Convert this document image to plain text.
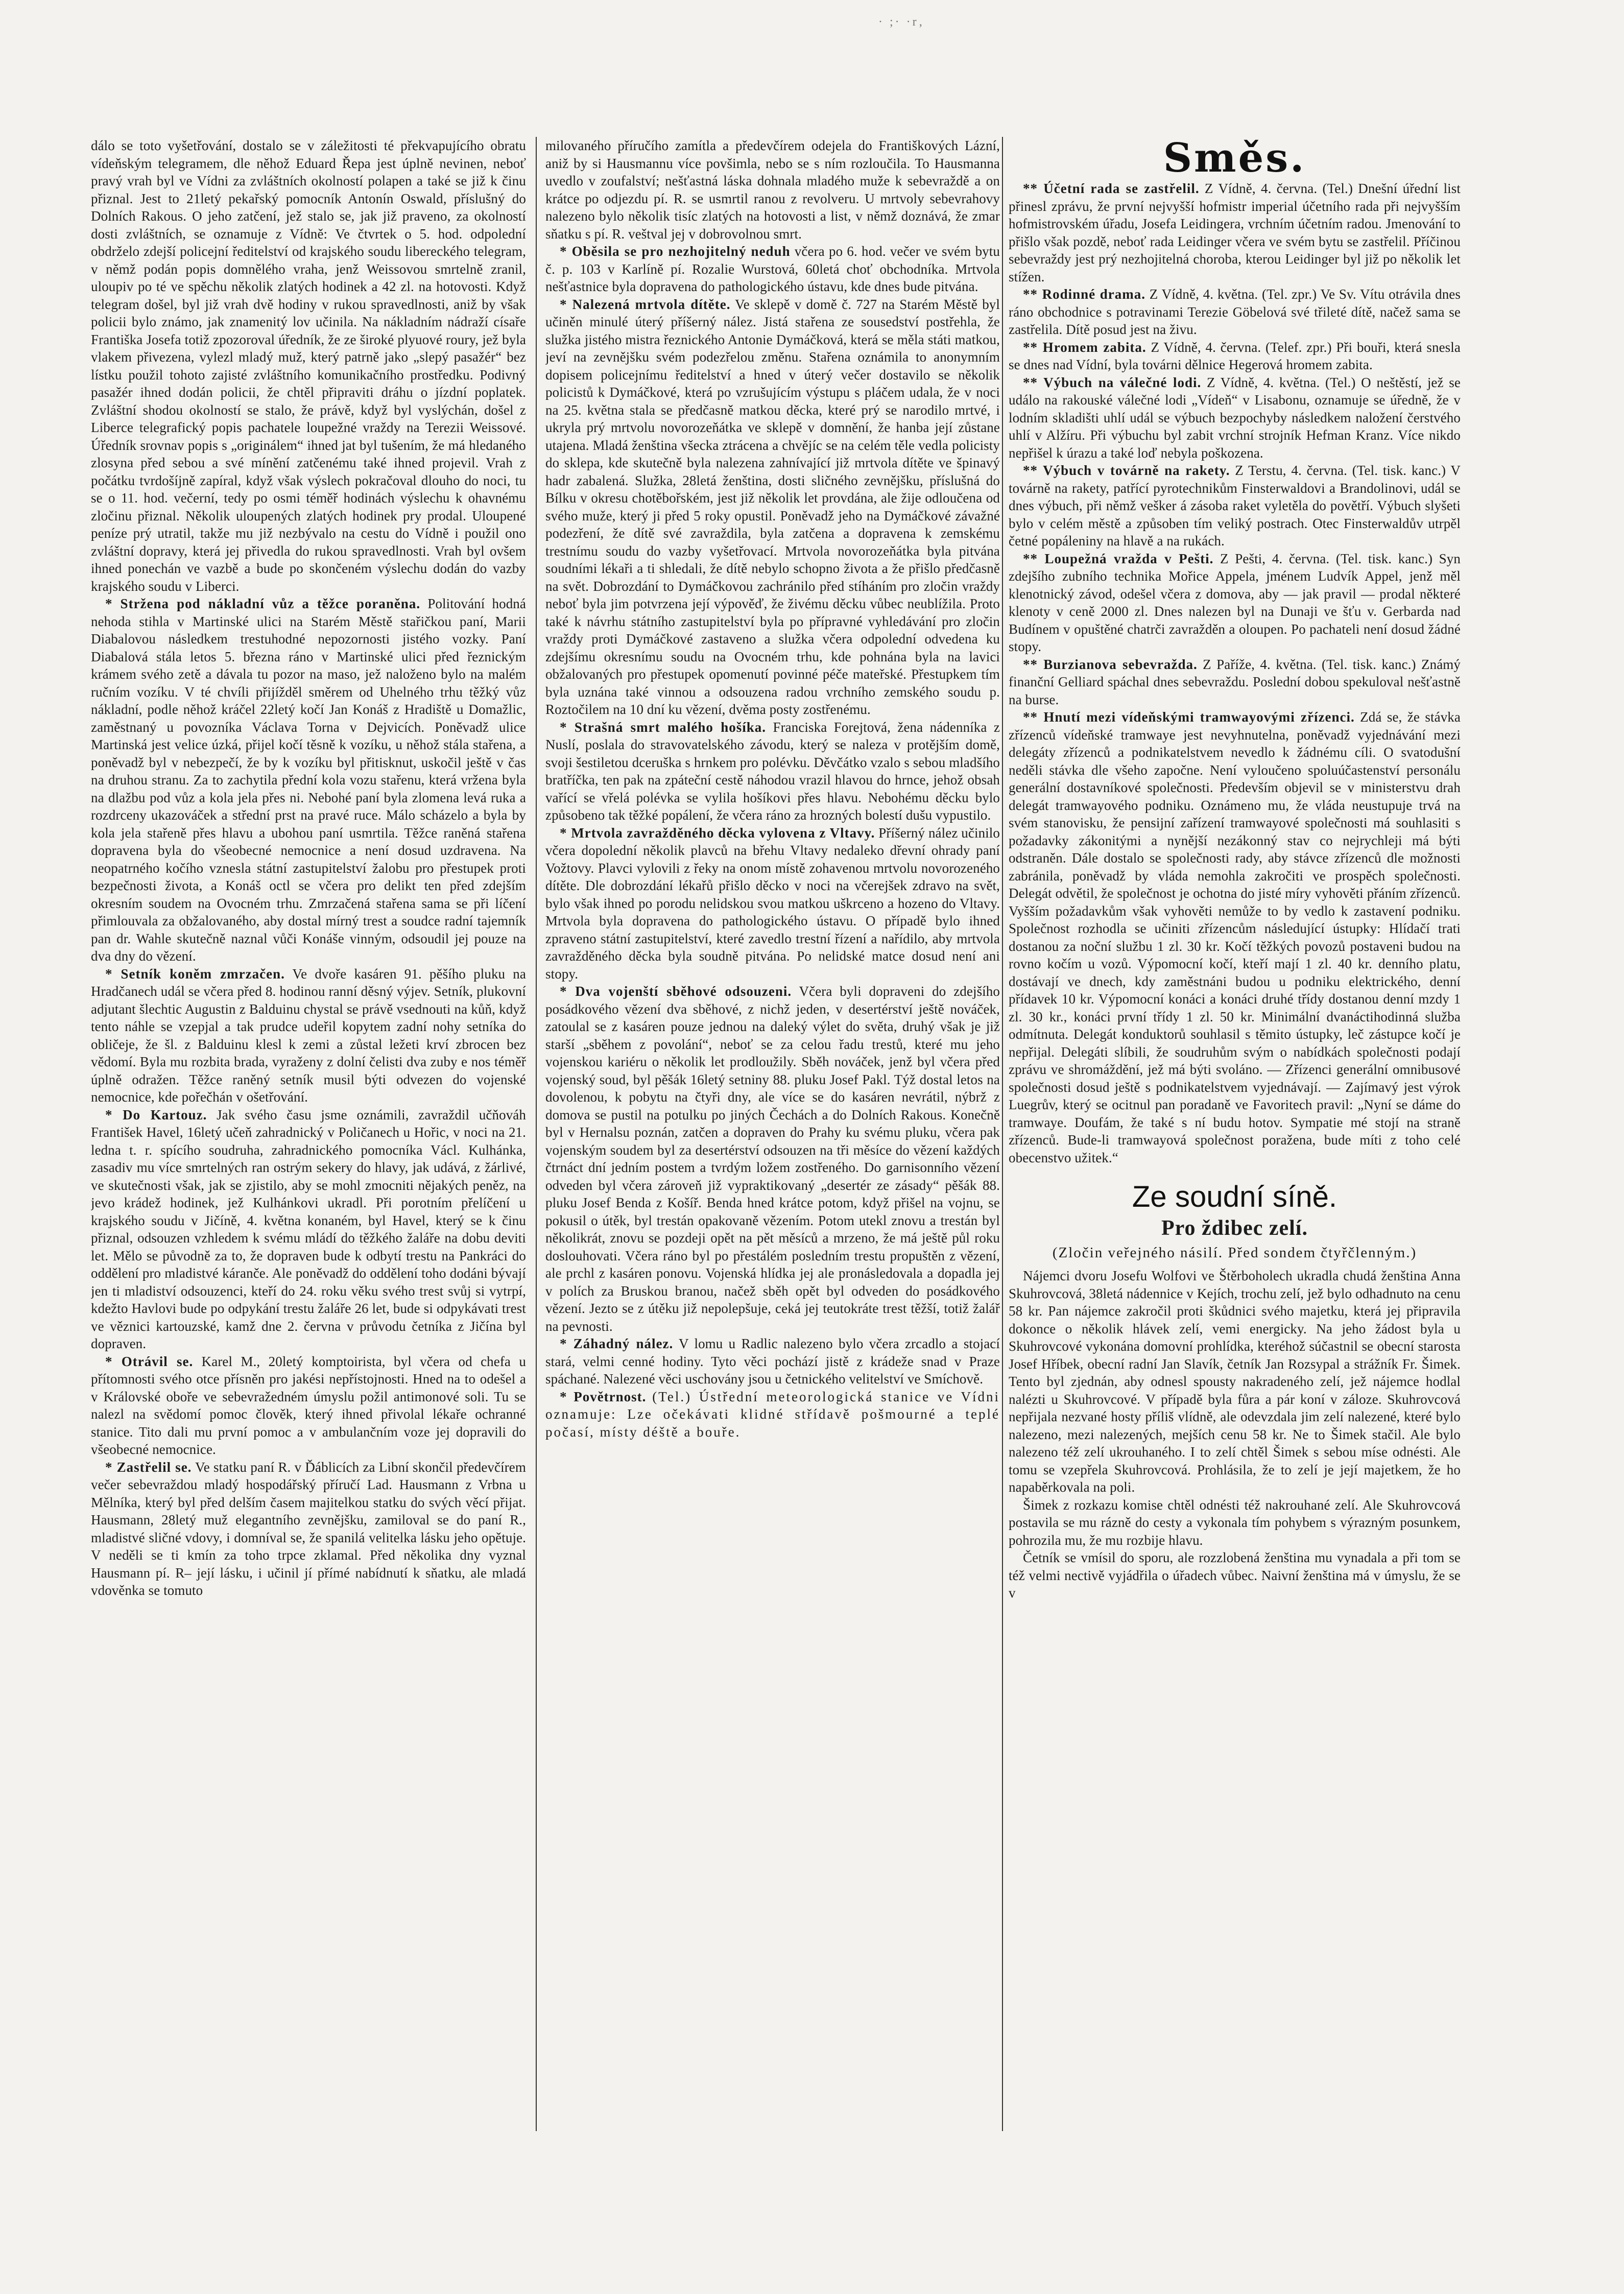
· ;· ·r‚

dálo se toto vyšetřování, dostalo se v záležitosti té překvapujícího obratu vídeňským telegramem, dle něhož Eduard Řepa jest úplně nevinen, neboť pravý vrah byl ve Vídni za zvláštních okolností polapen a také se již k činu přiznal. Jest to 21letý pekařský pomocník Antonín Oswald, příslušný do Dolních Rakous. O jeho zatčení, jež stalo se, jak již praveno, za okolností dosti zvláštních, se oznamuje z Vídně: Ve čtvrtek o 5. hod. odpolední obdrželo zdejší policejní ředitelství od krajského soudu libereckého telegram, v němž podán popis domnělého vraha, jenž Weissovou smrtelně zranil, uloupiv po té ve spěchu několik zlatých hodinek a 42 zl. na hotovosti. Když telegram došel, byl již vrah dvě hodiny v rukou spravedlnosti, aniž by však policii bylo známo, jak znamenitý lov učinila. Na nákladním nádraží císaře Františka Josefa totiž zpozoroval úředník, že ze široké plyuové roury, jež byla vlakem přivezena, vylezl mladý muž, který patrně jako „slepý pasažér“ bez lístku použil tohoto zajisté zvláštního komunikačního prostředku. Podivný pasažér ihned dodán policii, že chtěl připraviti dráhu o jízdní poplatek. Zvláštní shodou okolností se stalo, že právě, když byl vyslýchán, došel z Liberce telegrafický popis pachatele loupežné vraždy na Terezii Weissové. Úředník srovnav popis s „originálem“ ihned jat byl tušením, že má hledaného zlosyna před sebou a své mínění zatčenému také ihned projevil. Vrah z počátku tvrdošíjně zapíral, když však výslech pokračoval dlouho do noci, tu se o 11. hod. večerní, tedy po osmi téměř hodinách výslechu k ohavnému zločinu přiznal. Několik uloupených zlatých hodinek pry prodal. Uloupené peníze prý utratil, takže mu již nezbývalo na cestu do Vídně i použil ono zvláštní dopravy, která jej přivedla do rukou spravedlnosti. Vrah byl ovšem ihned ponechán ve vazbě a bude po skončeném výslechu dodán do vazby krajského soudu v Liberci.

* Stržena pod nákladní vůz a těžce poraněna. Politování hodná nehoda stihla v Martinské ulici na Starém Městě stařičkou paní, Marii Diabalovou následkem trestuhodné nepozornosti jistého vozky. Paní Diabalová stála letos 5. března ráno v Martinské ulici před řeznickým krámem svého zetě a dávala tu pozor na maso, jež naloženo bylo na malém ručním vozíku. V té chvíli přijížděl směrem od Uhelného trhu těžký vůz nákladní, podle něhož kráčel 22letý kočí Jan Konáš z Hradiště u Domažlic, zaměstnaný u povozníka Václava Torna v Dejvicích. Poněvadž ulice Martinská jest velice úzká, přijel kočí těsně k vozíku, u něhož stála stařena, a poněvadž byl v nebezpečí, že by k vozíku byl přitisknut, uskočil ještě v čas na druhou stranu. Za to zachytila přední kola vozu stařenu, která vržena byla na dlažbu pod vůz a kola jela přes ni. Nebohé paní byla zlomena levá ruka a rozdrceny ukazováček a střední prst na pravé ruce. Málo scházelo a byla by kola jela stařeně přes hlavu a ubohou paní usmrtila. Těžce raněná stařena dopravena byla do všeobecné nemocnice a není dosud uzdravena. Na neopatrného kočího vznesla státní zastupitelství žalobu pro přestupek proti bezpečnosti života, a Konáš octl se včera pro delikt ten před zdejším okresním soudem na Ovocném trhu. Zmrzačená stařena sama se při líčení přimlouvala za obžalovaného, aby dostal mírný trest a soudce radní tajemník pan dr. Wahle skutečně naznal vůči Konáše vinným, odsoudil jej pouze na dva dny do vězení.

* Setník koněm zmrzačen. Ve dvoře kasáren 91. pěšího pluku na Hradčanech udál se včera před 8. hodinou ranní děsný výjev. Setník, plukovní adjutant šlechtic Augustin z Balduinu chystal se právě vsednouti na kůň, když tento náhle se vzepjal a tak prudce udeřil kopytem zadní nohy setníka do obličeje, že šl. z Balduinu klesl k zemi a zůstal ležeti krví zbrocen bez vědomí. Byla mu rozbita brada, vyraženy z dolní čelisti dva zuby e nos téměř úplně odražen. Těžce raněný setník musil býti odvezen do vojenské nemocnice, kde pořečhán v ošetřování.

* Do Kartouz. Jak svého času jsme oznámili, zavraždil učňováh František Havel, 16letý učeň zahradnický v Poličanech u Hořic, v noci na 21. ledna t. r. spícího soudruha, zahradnického pomocníka Václ. Kulhánka, zasadiv mu více smrtelných ran ostrým sekery do hlavy, jak udává, z žárlivé, ve skutečnosti však, jak se zjistilo, aby se mohl zmocniti nějakých peněz, na jevo krádež hodinek, jež Kulhánkovi ukradl. Při porotním přelíčení u krajského soudu v Jičíně, 4. května konaném, byl Havel, který se k činu přiznal, odsouzen vzhledem k svému mládí do těžkého žaláře na dobu deviti let. Mělo se původně za to, že dopraven bude k odbytí trestu na Pankráci do oddělení pro mladistvé káranče. Ale poněvadž do oddělení toho dodáni bývají jen ti mladiství odsouzenci, kteří do 24. roku věku svého trest svůj si vytrpí, kdežto Havlovi bude po odpykání trestu žaláře 26 let, bude si odpykávati trest ve věznici kartouzské, kamž dne 2. června v průvodu četníka z Jičína byl dopraven.

* Otrávil se. Karel M., 20letý komptoirista, byl včera od chefa u přítomnosti svého otce přísněn pro jakési nepřístojnosti. Hned na to odešel a v Královské oboře ve sebevražedném úmyslu požil antimonové soli. Tu se nalezl na svědomí pomoc člověk, který ihned přivolal lékaře ochranné stanice. Tito dali mu první pomoc a v ambulančním voze jej dopravili do všeobecné nemocnice.

* Zastřelil se. Ve statku paní R. v Ďáblicích za Libní skončil předevčírem večer sebevraždou mladý hospodářský příručí Lad. Hausmann z Vrbna u Mělníka, který byl před delším časem majitelkou statku do svých věcí přijat. Hausmann, 28letý muž elegantního zevnějšku, zamiloval se do paní R., mladistvé sličné vdovy, i domníval se, že spanilá velitelka lásku jeho opětuje. V neděli se ti kmín za toho trpce zklamal. Před několika dny vyznal Hausmann pí. R– její lásku, i učinil jí přímé nabídnutí k sňatku, ale mladá vdověnka se tomuto

milovaného příručího zamítla a předevčírem odejela do Františkových Lázní, aniž by si Hausmannu více povšimla, nebo se s ním rozloučila. To Hausmanna uvedlo v zoufalství; nešťastná láska dohnala mladého muže k sebevraždě a on krátce po odjezdu pí. R. se usmrtil ranou z revolveru. U mrtvoly sebevrahovy nalezeno bylo několik tisíc zlatých na hotovosti a list, v němž doznává, že zmar sňatku s pí. R. veštval jej v dobrovolnou smrt.

* Oběsila se pro nezhojitelný neduh včera po 6. hod. večer ve svém bytu č. p. 103 v Karlíně pí. Rozalie Wurstová, 60letá choť obchodníka. Mrtvola nešťastnice byla dopravena do pathologického ústavu, kde dnes bude pitvána.

* Nalezená mrtvola dítěte. Ve sklepě v domě č. 727 na Starém Městě byl učiněn minulé úterý příšerný nález. Jistá stařena ze sousedství postřehla, že služka jistého mistra řeznického Antonie Dymáčková, která se měla státi matkou, jeví na zevnějšku svém podezřelou změnu. Stařena oznámila to anonymním dopisem policejnímu ředitelství a hned v úterý večer dostavilo se několik policistů k Dymáčkové, která po vzrušujícím výstupu s pláčem udala, že v noci na 25. května stala se předčasně matkou děcka, které prý se narodilo mrtvé, i ukryla prý mrtvolu novorozeňátka ve sklepě v domnění, že hanba její zůstane utajena. Mladá ženština všecka ztrácena a chvějíc se na celém těle vedla policisty do sklepa, kde skutečně byla nalezena zahnívající již mrtvola dítěte ve špinavý hadr zabalená. Služka, 28letá ženština, dosti sličného zevnějšku, příslušná do Bílku v okresu chotěbořském, jest již několik let provdána, ale žije odloučena od svého muže, který ji před 5 roky opustil. Poněvadž jeho na Dymáčkové závažné podezření, že dítě své zavraždila, byla zatčena a dopravena k zemskému trestnímu soudu do vazby vyšetřovací. Mrtvola novorozeňátka byla pitvána soudními lékaři a ti shledali, že dítě nebylo schopno života a že přišlo předčasně na svět. Dobrozdání to Dymáčkovou zachránilo před stíháním pro zločin vraždy neboť byla jim potvrzena její výpověď, že živému děcku vůbec neublížila. Proto také k návrhu státního zastupitelství byla po přípravné vyhledávání pro zločin vraždy proti Dymáčkové zastaveno a služka včera odpolední odvedena ku zdejšímu okresnímu soudu na Ovocném trhu, kde pohnána byla na lavici obžalovaných pro přestupek opomenutí povinné péče mateřské. Přestupkem tím byla uznána také vinnou a odsouzena radou vrchního zemského soudu p. Roztočilem na 10 dní ku vězení, dvěma posty zostřenému.

* Strašná smrt malého hošíka. Franciska Forejtová, žena nádenníka z Nuslí, poslala do stravovatelského závodu, který se naleza v protějším domě, svoji šestiletou dceruška s hrnkem pro polévku. Děvčátko vzalo s sebou mladšího bratříčka, ten pak na zpáteční cestě náhodou vrazil hlavou do hrnce, jehož obsah vařící se vřelá polévka se vylila hošíkovi přes hlavu. Nebohému děcku bylo způsobeno tak těžké popálení, že včera ráno za hrozných bolestí dušu vypustilo.

* Mrtvola zavražděného děcka vylovena z Vltavy. Příšerný nález učinilo včera dopolední několik plavců na břehu Vltavy nedaleko dřevní ohrady paní Vožtovy. Plavci vylovili z řeky na onom místě zohavenou mrtvolu novorozeného dítěte. Dle dobrozdání lékařů přišlo děcko v noci na včerejšek zdravo na svět, bylo však ihned po porodu nelidskou svou matkou uškrceno a hozeno do Vltavy. Mrtvola byla dopravena do pathologického ústavu. O případě bylo ihned zpraveno státní zastupitelství, které zavedlo trestní řízení a nařídilo, aby mrtvola zavražděného děcka byla soudně pitvána. Po nelidské matce dosud není ani stopy.

* Dva vojenští sběhové odsouzeni. Včera byli dopraveni do zdejšího posádkového vězení dva sběhové, z nichž jeden, v desertérství ještě nováček, zatoulal se z kasáren pouze jednou na daleký výlet do světa, druhý však je již starší „sběhem z povolání“, neboť se za celou řadu trestů, které mu jeho vojenskou kariéru o několik let prodloužily. Sběh nováček, jenž byl včera před vojenský soud, byl pěšák 16letý setniny 88. pluku Josef Pakl. Týž dostal letos na dovolenou, k pobytu na čtyři dny, ale více se do kasáren nevrátil, nýbrž z domova se pustil na potulku po jiných Čechách a do Dolních Rakous. Konečně byl v Hernalsu poznán, zatčen a dopraven do Prahy ku svému pluku, včera pak vojenským soudem byl za desertérství odsouzen na tři měsíce do vězení každých čtrnáct dní jedním postem a tvrdým ložem zostřeného. Do garnisonního vězení odveden byl včera zároveň již vypraktikovaný „desertér ze zásady“ pěšák 88. pluku Josef Benda z Košíř. Benda hned krátce potom, když přišel na vojnu, se pokusil o útěk, byl trestán opakovaně vězením. Potom utekl znovu a trestán byl několikrát, znovu se pozdeji opět na pět měsíců a mrzeno, že má ještě půl roku doslouhovati. Včera ráno byl po přestálém posledním trestu propuštěn z vězení, ale prchl z kasáren ponovu. Vojenská hlídka jej ale pronásledovala a dopadla jej v polích za Bruskou branou, načež sběh opět byl odveden do posádkového vězení. Jezto se z útěku již nepolepšuje, ceká jej teutokráte trest těžší, totiž žalář na pevnosti.

* Záhadný nález. V lomu u Radlic nalezeno bylo včera zrcadlo a stojací stará, velmi cenné hodiny. Tyto věci pochází jistě z krádeže snad v Praze spáchané. Nalezené věci uschovány jsou u četnického velitelství ve Smíchově.

* Povětrnost. (Tel.) Ústřední meteorologická stanice ve Vídni oznamuje: Lze očekávati klidné střídavě pošmourné a teplé počasí, místy déště a bouře.

Směs.

** Účetní rada se zastřelil. Z Vídně, 4. června. (Tel.) Dnešní úřední list přinesl zprávu, že první nejvyšší hofmistr imperial účetního rada při nejvyšším hofmistrovském úřadu, Josefa Leidingera, vrchním účetním radou. Jmenování to přišlo však pozdě, neboť rada Leidinger včera ve svém bytu se zastřelil. Příčinou sebevraždy jest prý nezhojitelná choroba, kterou Leidinger byl již po několik let stížen.

** Rodinné drama. Z Vídně, 4. května. (Tel. zpr.) Ve Sv. Vítu otrávila dnes ráno obchodnice s potravinami Terezie Göbelová své třileté dítě, načež sama se zastřelila. Dítě posud jest na živu.

** Hromem zabita. Z Vídně, 4. června. (Telef. zpr.) Při bouři, která snesla se dnes nad Vídní, byla továrni dělnice Hegerová hromem zabita.

** Výbuch na válečné lodi. Z Vídně, 4. května. (Tel.) O neštěstí, jež se událo na rakouské válečné lodi „Vídeň“ v Lisabonu, oznamuje se úředně, že v lodním skladišti uhlí udál se výbuch bezpochyby následkem naložení čerstvého uhlí v Alžíru. Při výbuchu byl zabit vrchní strojník Hefman Kranz. Více nikdo nepřišel k úrazu a také loď nebyla poškozena.

** Výbuch v továrně na rakety. Z Terstu, 4. června. (Tel. tisk. kanc.) V továrně na rakety, patřící pyrotechnikům Finsterwaldovi a Brandolinovi, udál se dnes výbuch, při němž vešker á zásoba raket vyletěla do povětří. Výbuch slyšeti bylo v celém městě a způsoben tím veliký postrach. Otec Finsterwaldův utrpěl četné popáleniny na hlavě a na rukách.

** Loupežná vražda v Pešti. Z Pešti, 4. června. (Tel. tisk. kanc.) Syn zdejšího zubního technika Mořice Appela, jménem Ludvík Appel, jenž měl klenotnický závod, odešel včera z domova, aby — jak pravil — prodal některé klenoty v ceně 2000 zl. Dnes nalezen byl na Dunaji ve šťu v. Gerbarda nad Budínem v opuštěné chatrči zavražděn a oloupen. Po pachateli není dosud žádné stopy.

** Burzianova sebevražda. Z Paříže, 4. května. (Tel. tisk. kanc.) Známý finanční Gelliard spáchal dnes sebevraždu. Poslední dobou spekuloval nešťastně na burse.

** Hnutí mezi vídeňskými tramwayovými zřízenci. Zdá se, že stávka zřízenců vídeňské tramwaye jest nevyhnutelna, poněvadž vyjednávání mezi delegáty zřízenců a podnikatelstvem nevedlo k žádnému cíli. O svatodušní neděli stávka dle všeho započne. Není vyloučeno spoluúčastenství personálu generální dostavníkové společnosti. Především objevil se v ministerstvu drah delegát tramwayového podniku. Oznámeno mu, že vláda neustupuje trvá na svém stanovisku, že pensijní zařízení tramwayové společnosti má souhlasiti s požadavky zákonitými a nynější nezákonný stav co nejrychleji má býti odstraněn. Dále dostalo se společnosti rady, aby stávce zřízenců dle možnosti zabránila, poněvadž by vláda nemohla zakročiti ve prospěch společnosti. Delegát odvětil, že společnost je ochotna do jisté míry vyhověti přáním zřízenců. Vyšším požadavkům však vyhověti nemůže to by vedlo k zastavení podniku. Společnost rozhodla se učiniti zřízencům následující ústupky: Hlídačí trati dostanou za noční službu 1 zl. 30 kr. Kočí těžkých povozů postaveni budou na rovno kočím u vozů. Výpomocní kočí, kteří mají 1 zl. 40 kr. denního platu, dostávají ve dnech, kdy zaměstnáni budou u podniku elektrického, denní přídavek 10 kr. Výpomocní konáci a konáci druhé třídy dostanou denní mzdy 1 zl. 30 kr., konáci první třídy 1 zl. 50 kr. Minimální dvanáctihodinná služba odmítnuta. Delegát konduktorů souhlasil s těmito ústupky, leč zástupce kočí je nepřijal. Delegáti slíbili, že soudruhům svým o nabídkách společnosti podají zprávu ve shromáždění, jež má býti svoláno. — Zřízenci generální omnibusové společnosti dosud ještě s podnikatelstvem vyjednávají. — Zajímavý jest výrok Luegrův, který se ocitnul pan poradaně ve Favoritech pravil: „Nyní se dáme do tramwaye. Doufám, že také s ní budu hotov. Sympatie mé stojí na straně zřízenců. Bude-li tramwayová společnost poražena, bude míti z toho celé obecenstvo užitek.“

Ze soudní síně.
Pro ždibec zelí.
(Zločin veřejného násilí. Před sondem čtyřčlenným.)

Nájemci dvoru Josefu Wolfovi ve Štěrboholech ukradla chudá ženština Anna Skuhrovcová, 38letá nádennice v Kejích, trochu zelí, jež bylo odhadnuto na cenu 58 kr. Pan nájemce zakročil proti škůdnici svého majetku, která jej připravila dokonce o několik hlávek zelí, vemi energicky. Na jeho žádost byla u Skuhrovcové vykonána domovní prohlídka, kteréhož súčastnil se obecní starosta Josef Hříbek, obecní radní Jan Slavík, četník Jan Rozsypal a strážník Fr. Šimek. Tento byl zjednán, aby odnesl spousty nakradeného zelí, jež nájemce hodlal nalézti u Skuhrovcové. V případě byla fůra a pár koní v záloze. Skuhrovcová nepřijala nezvané hosty příliš vlídně, ale odevzdala jim zelí nalezené, které bylo nalezeno, mezi nalezených, mejších cenu 58 kr. Ne to Šimek stačil. Ale bylo nalezeno též zelí ukrouhaného. I to zelí chtěl Šimek s sebou míse odnésti. Ale tomu se vzepřela Skuhrovcová. Prohlásila, že to zelí je její majetkem, že ho napaběrkovala na poli.

Šimek z rozkazu komise chtěl odnésti též nakrouhané zelí. Ale Skuhrovcová postavila se mu rázně do cesty a vykonala tím pohybem s výrazným posunkem, pohrozila mu, že mu rozbije hlavu.

Četník se vmísil do sporu, ale rozzlobená ženština mu vynadala a při tom se též velmi nectivě vyjádřila o úřadech vůbec. Naivní ženština má v úmyslu, že se v
